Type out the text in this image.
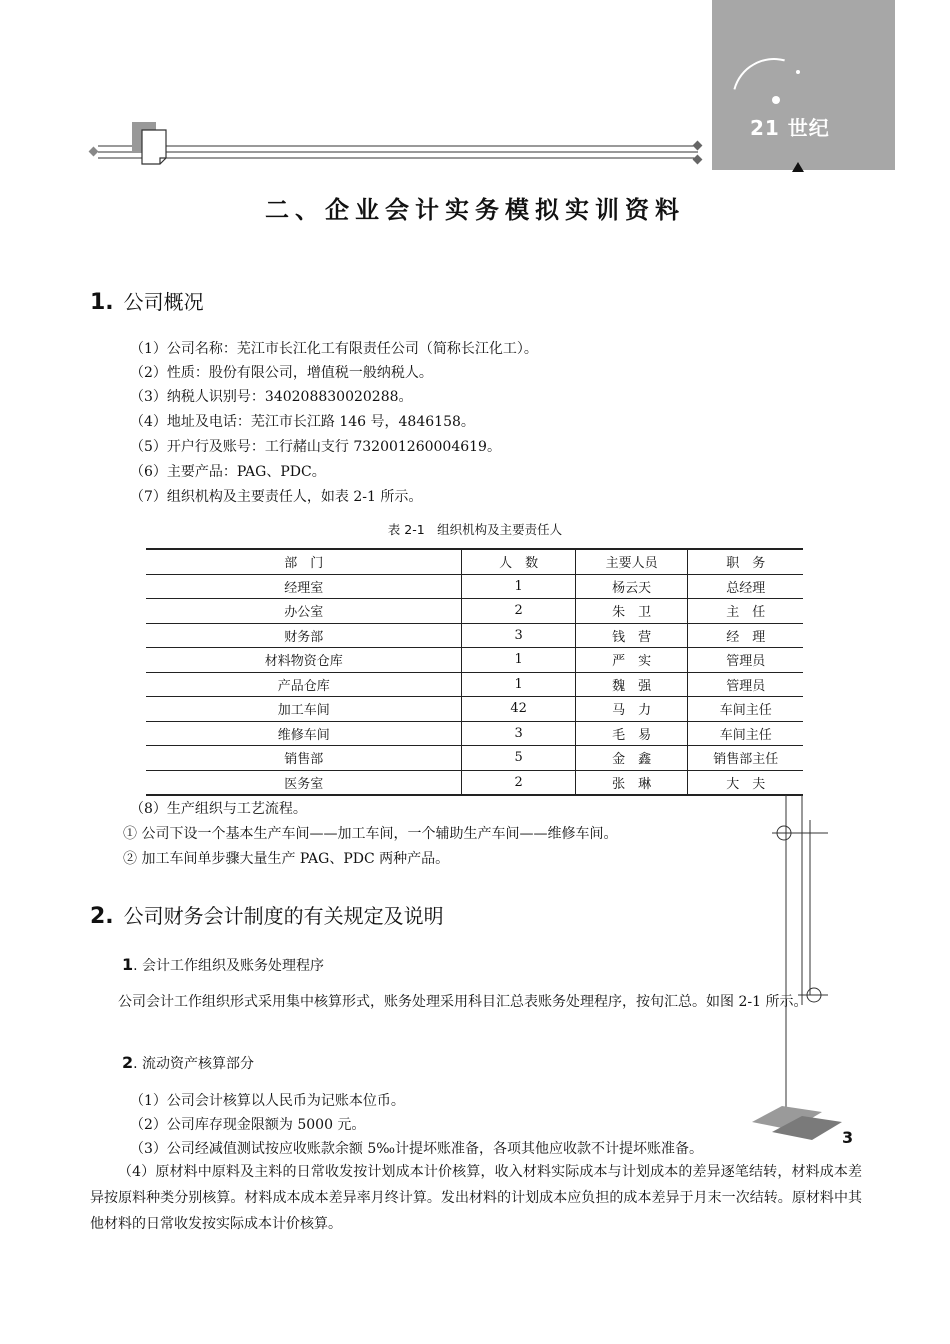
21 世纪
二、企业会计实务模拟实训资料
1. 公司概况
（1）公司名称：芜江市长江化工有限责任公司（简称长江化工）。
（2）性质：股份有限公司，增值税一般纳税人。
（3）纳税人识别号：340208830020288。
（4）地址及电话：芜江市长江路 146 号，4846158。
（5）开户行及账号：工行赭山支行 732001260004619。
（6）主要产品：PAG、PDC。
（7）组织机构及主要责任人，如表 2-1 所示。
表 2-1　组织机构及主要责任人
部　门	人　数	主要人员	职　务
经理室	1	杨云天	总经理
办公室	2	朱　卫	主　任
财务部	3	钱　营	经　理
材料物资仓库	1	严　实	管理员
产品仓库	1	魏　强	管理员
加工车间	42	马　力	车间主任
维修车间	3	毛　易	车间主任
销售部	5	金　鑫	销售部主任
医务室	2	张　琳	大　夫
（8）生产组织与工艺流程。
① 公司下设一个基本生产车间——加工车间，一个辅助生产车间——维修车间。
② 加工车间单步骤大量生产 PAG、PDC 两种产品。
2. 公司财务会计制度的有关规定及说明
1. 会计工作组织及账务处理程序
公司会计工作组织形式采用集中核算形式，账务处理采用科目汇总表账务处理程序，按旬汇总。如图 2-1 所示。
2. 流动资产核算部分
（1）公司会计核算以人民币为记账本位币。
（2）公司库存现金限额为 5000 元。
（3）公司经减值测试按应收账款余额 5‰计提坏账准备，各项其他应收款不计提坏账准备。
（4）原材料中原料及主料的日常收发按计划成本计价核算，收入材料实际成本与计划成本的差异逐笔结转，材料成本差异按原料种类分别核算。材料成本成本差异率月终计算。发出材料的计划成本应负担的成本差异于月末一次结转。原材料中其他材料的日常收发按实际成本计价核算。
3
